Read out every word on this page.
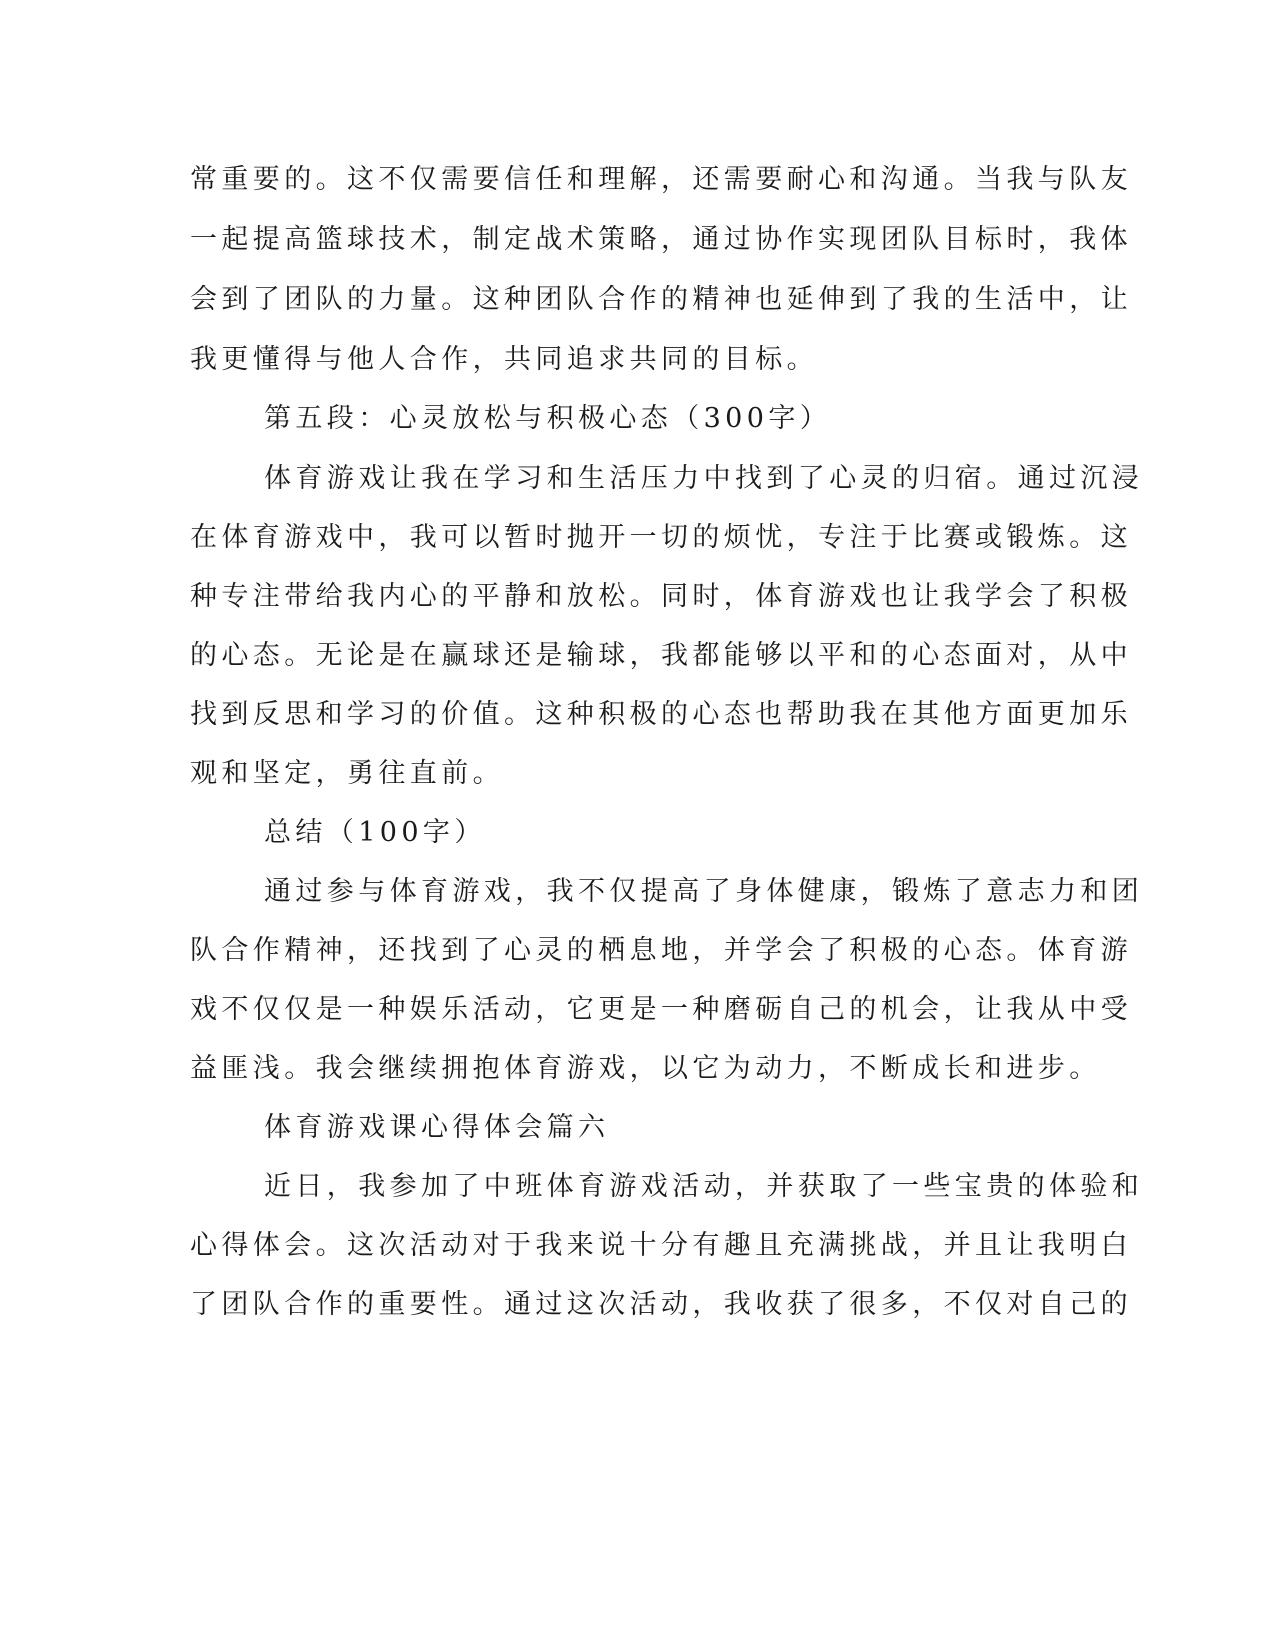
常重要的。这不仅需要信任和理解，还需要耐心和沟通。当我与队友
一起提高篮球技术，制定战术策略，通过协作实现团队目标时，我体
会到了团队的力量。这种团队合作的精神也延伸到了我的生活中，让
我更懂得与他人合作，共同追求共同的目标。
第五段：心灵放松与积极心态（300字）
体育游戏让我在学习和生活压力中找到了心灵的归宿。通过沉浸
在体育游戏中，我可以暂时抛开一切的烦忧，专注于比赛或锻炼。这
种专注带给我内心的平静和放松。同时，体育游戏也让我学会了积极
的心态。无论是在赢球还是输球，我都能够以平和的心态面对，从中
找到反思和学习的价值。这种积极的心态也帮助我在其他方面更加乐
观和坚定，勇往直前。
总结（100字）
通过参与体育游戏，我不仅提高了身体健康，锻炼了意志力和团
队合作精神，还找到了心灵的栖息地，并学会了积极的心态。体育游
戏不仅仅是一种娱乐活动，它更是一种磨砺自己的机会，让我从中受
益匪浅。我会继续拥抱体育游戏，以它为动力，不断成长和进步。
体育游戏课心得体会篇六
近日，我参加了中班体育游戏活动，并获取了一些宝贵的体验和
心得体会。这次活动对于我来说十分有趣且充满挑战，并且让我明白
了团队合作的重要性。通过这次活动，我收获了很多，不仅对自己的
